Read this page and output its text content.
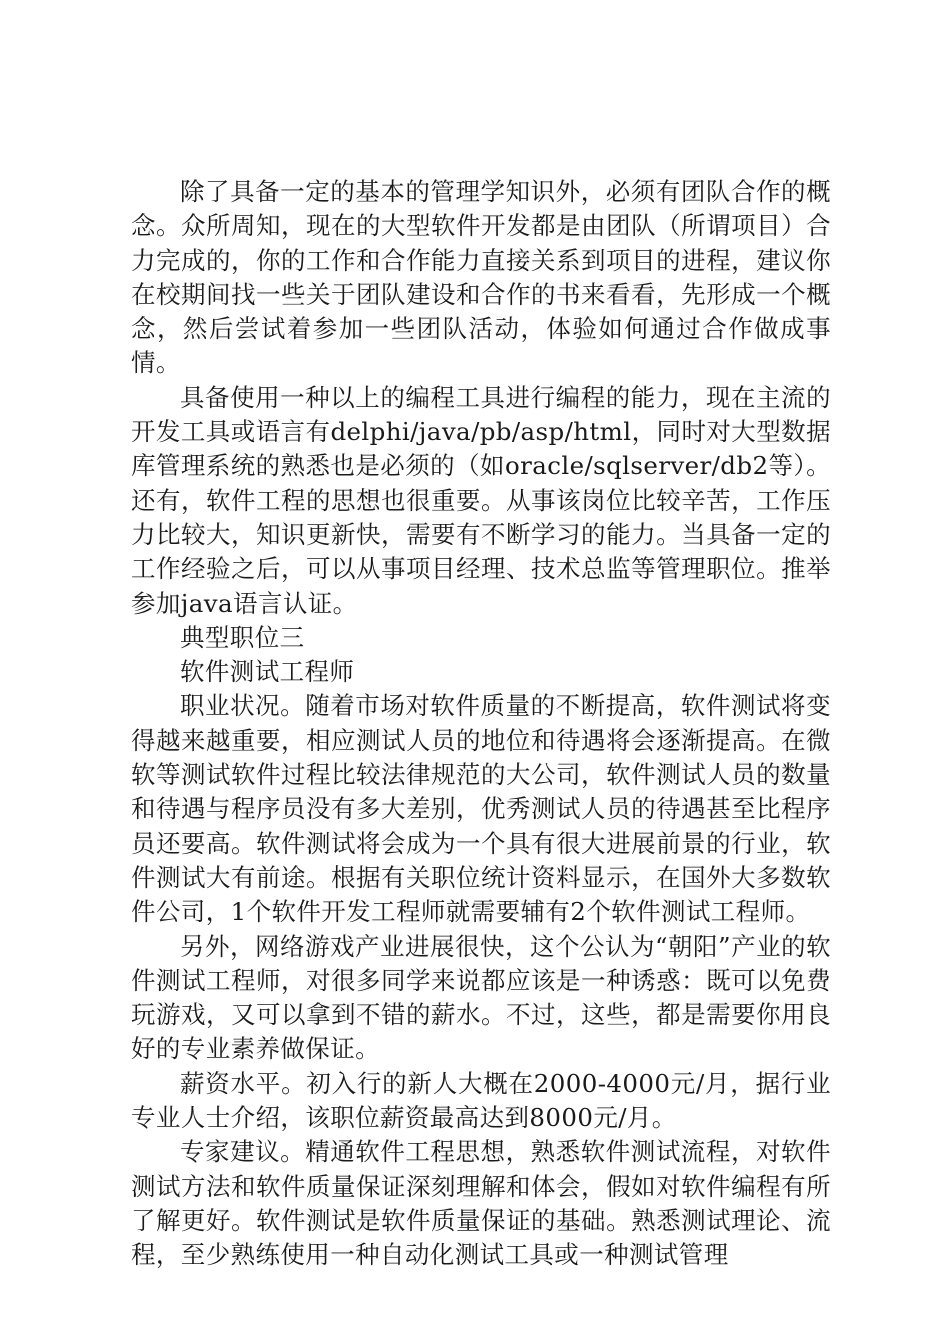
除了具备一定的基本的管理学知识外，必须有团队合作的概念。众所周知，现在的大型软件开发都是由团队（所谓项目）合力完成的，你的工作和合作能力直接关系到项目的进程，建议你在校期间找一些关于团队建设和合作的书来看看，先形成一个概念，然后尝试着参加一些团队活动，体验如何通过合作做成事情。

具备使用一种以上的编程工具进行编程的能力，现在主流的开发工具或语言有delphi/java/pb/asp/html，同时对大型数据库管理系统的熟悉也是必须的（如oracle/sqlserver/db2等）。还有，软件工程的思想也很重要。从事该岗位比较辛苦，工作压力比较大，知识更新快，需要有不断学习的能力。当具备一定的工作经验之后，可以从事项目经理、技术总监等管理职位。推举参加java语言认证。

典型职位三

软件测试工程师

职业状况。随着市场对软件质量的不断提高，软件测试将变得越来越重要，相应测试人员的地位和待遇将会逐渐提高。在微软等测试软件过程比较法律规范的大公司，软件测试人员的数量和待遇与程序员没有多大差别，优秀测试人员的待遇甚至比程序员还要高。软件测试将会成为一个具有很大进展前景的行业，软件测试大有前途。根据有关职位统计资料显示，在国外大多数软件公司，1个软件开发工程师就需要辅有2个软件测试工程师。

另外，网络游戏产业进展很快，这个公认为“朝阳”产业的软件测试工程师，对很多同学来说都应该是一种诱惑：既可以免费玩游戏，又可以拿到不错的薪水。不过，这些，都是需要你用良好的专业素养做保证。

薪资水平。初入行的新人大概在2000-4000元/月，据行业专业人士介绍，该职位薪资最高达到8000元/月。

专家建议。精通软件工程思想，熟悉软件测试流程，对软件测试方法和软件质量保证深刻理解和体会，假如对软件编程有所了解更好。软件测试是软件质量保证的基础。熟悉测试理论、流程，至少熟练使用一种自动化测试工具或一种测试管理
